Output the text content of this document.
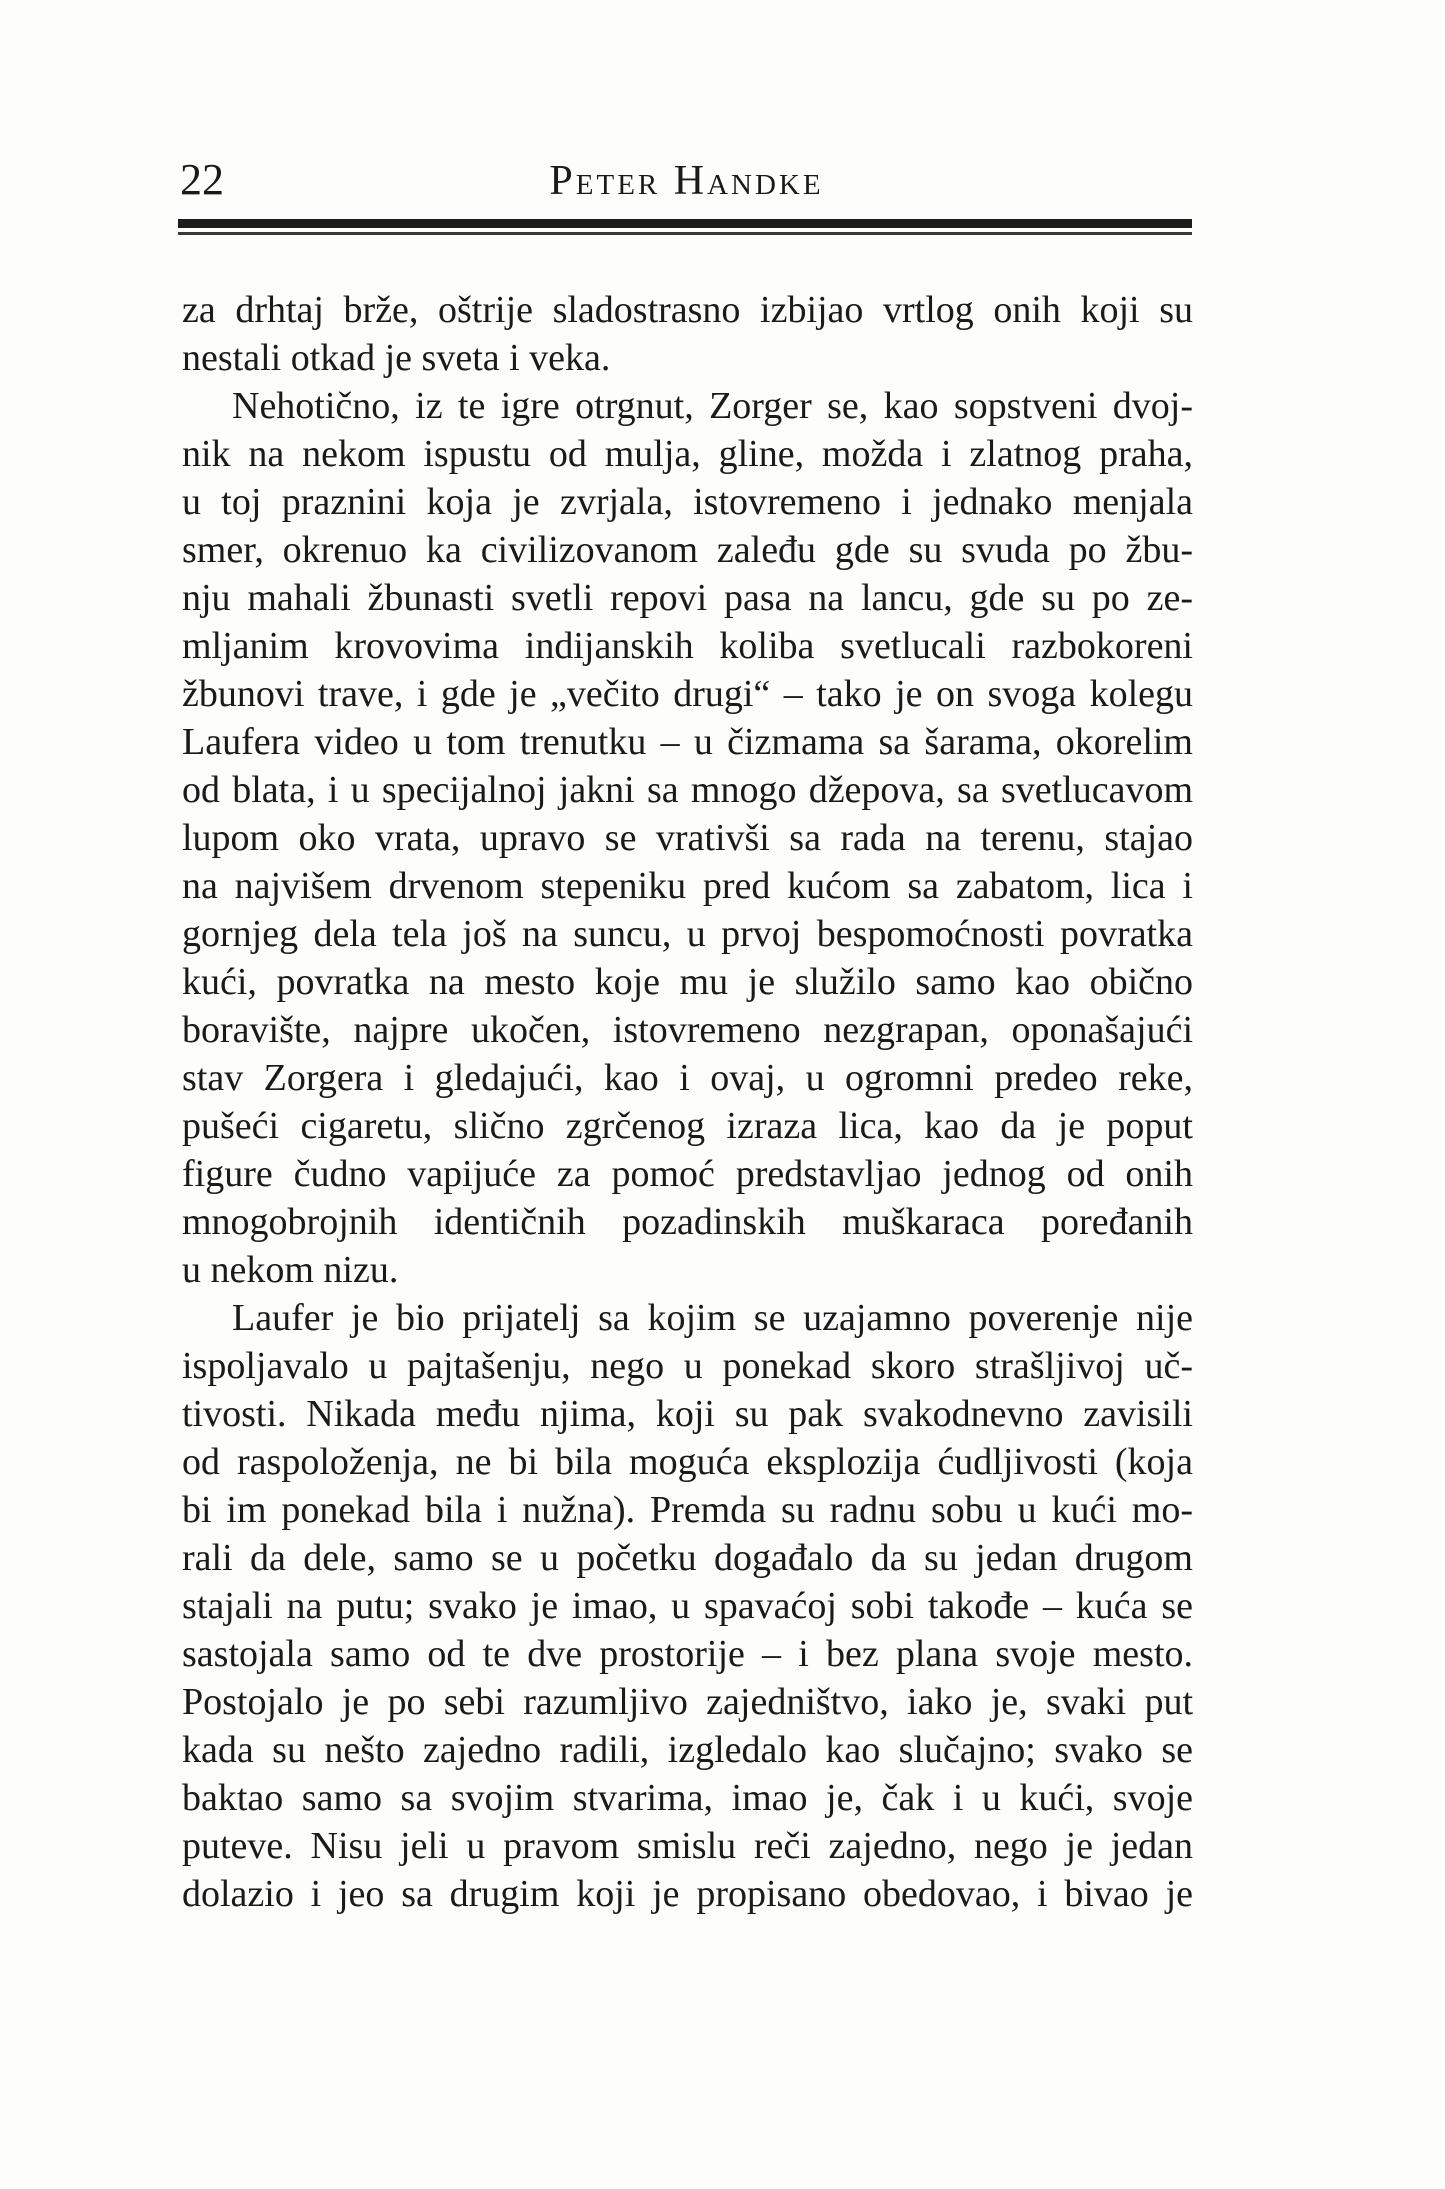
22	Peter Handke
za drhtaj brže, oštrije sladostrasno izbijao vrtlog onih koji su
nestali otkad je sveta i veka.
Nehotično, iz te igre otrgnut, Zorger se, kao sopstveni dvoj-
nik na nekom ispustu od mulja, gline, možda i zlatnog praha,
u toj praznini koja je zvrjala, istovremeno i jednako menjala
smer, okrenuo ka civilizovanom zaleđu gde su svuda po žbu-
nju mahali žbunasti svetli repovi pasa na lancu, gde su po ze-
mljanim krovovima indijanskih koliba svetlucali razbokoreni
žbunovi trave, i gde je „večito drugi“ – tako je on svoga kolegu
Laufera video u tom trenutku – u čizmama sa šarama, okorelim
od blata, i u specijalnoj jakni sa mnogo džepova, sa svetlucavom
lupom oko vrata, upravo se vrativši sa rada na terenu, stajao
na najvišem drvenom stepeniku pred kućom sa zabatom, lica i
gornjeg dela tela još na suncu, u prvoj bespomoćnosti povratka
kući, povratka na mesto koje mu je služilo samo kao obično
boravište, najpre ukočen, istovremeno nezgrapan, oponašajući
stav Zorgera i gledajući, kao i ovaj, u ogromni predeo reke,
pušeći cigaretu, slično zgrčenog izraza lica, kao da je poput
figure čudno vapijuće za pomoć predstavljao jednog od onih
mnogobrojnih identičnih pozadinskih muškaraca poređanih
u nekom nizu.
Laufer je bio prijatelj sa kojim se uzajamno poverenje nije
ispoljavalo u pajtašenju, nego u ponekad skoro strašljivoj uč-
tivosti. Nikada među njima, koji su pak svakodnevno zavisili
od raspoloženja, ne bi bila moguća eksplozija ćudljivosti (koja
bi im ponekad bila i nužna). Premda su radnu sobu u kući mo-
rali da dele, samo se u početku događalo da su jedan drugom
stajali na putu; svako je imao, u spavaćoj sobi takođe – kuća se
sastojala samo od te dve prostorije – i bez plana svoje mesto.
Postojalo je po sebi razumljivo zajedništvo, iako je, svaki put
kada su nešto zajedno radili, izgledalo kao slučajno; svako se
baktao samo sa svojim stvarima, imao je, čak i u kući, svoje
puteve. Nisu jeli u pravom smislu reči zajedno, nego je jedan
dolazio i jeo sa drugim koji je propisano obedovao, i bivao je
